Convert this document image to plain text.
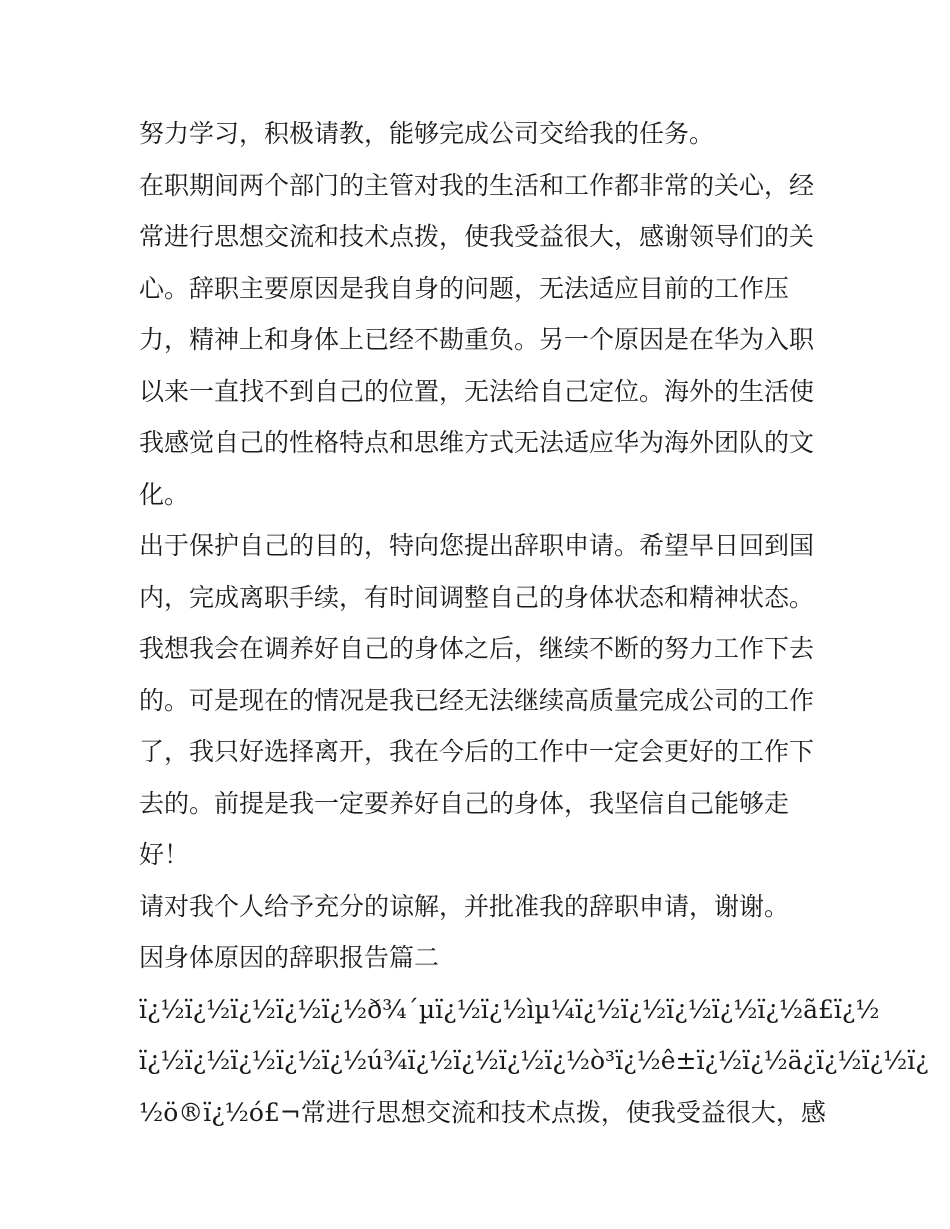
努力学习，积极请教，能够完成公司交给我的任务。
在职期间两个部门的主管对我的生活和工作都非常的关心，经
常进行思想交流和技术点拨，使我受益很大，感谢领导们的关
心。辞职主要原因是我自身的问题，无法适应目前的工作压
力，精神上和身体上已经不勘重负。另一个原因是在华为入职
以来一直找不到自己的位置，无法给自己定位。海外的生活使
我感觉自己的性格特点和思维方式无法适应华为海外团队的文
化。
出于保护自己的目的，特向您提出辞职申请。希望早日回到国
内，完成离职手续，有时间调整自己的身体状态和精神状态。
我想我会在调养好自己的身体之后，继续不断的努力工作下去
的。可是现在的情况是我已经无法继续高质量完成公司的工作
了，我只好选择离开，我在今后的工作中一定会更好的工作下
去的。前提是我一定要养好自己的身体，我坚信自己能够走
好！
请对我个人给予充分的谅解，并批准我的辞职申请，谢谢。
因身体原因的辞职报告篇二
ï¿½ï¿½ï¿½ï¿½ï¿½ð¾´µï¿½ï¿½ìµ¼ï¿½ï¿½ï¿½ï¿½ï¿½ã£ï¿½
ï¿½ï¿½ï¿½ï¿½ï¿½ú¾ï¿½ï¿½ï¿½ï¿½ò³ï¿½ê±ï¿½ï¿½ä¿ï¿½ï¿½ï¿
½ö®ï¿½ó£¬常进行思想交流和技术点拨，使我受益很大，感
